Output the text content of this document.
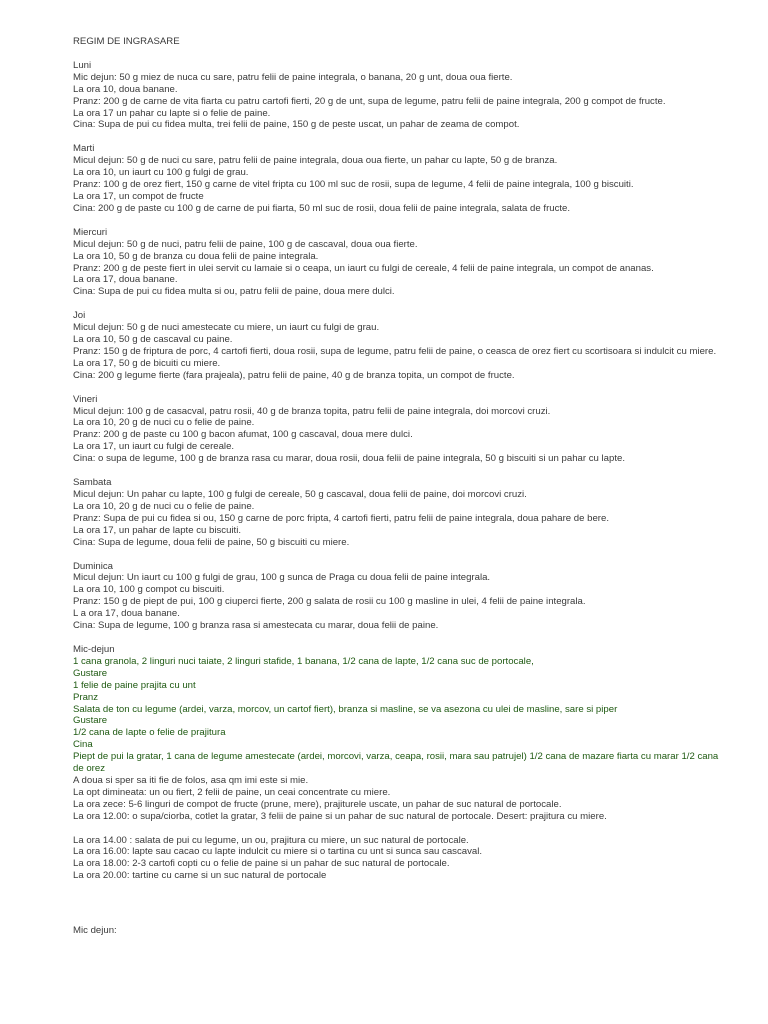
REGIM DE INGRASARE
Luni
Mic dejun: 50 g miez de nuca cu sare, patru felii de paine integrala, o banana, 20 g unt, doua oua fierte.
La ora 10, doua banane.
Pranz: 200 g de carne de vita fiarta cu patru cartofi fierti, 20 g de unt, supa de legume, patru felii de paine integrala, 200 g compot de fructe.
La ora 17 un pahar cu lapte si o felie de paine.
Cina: Supa de pui cu fidea multa, trei felii de paine, 150 g de peste uscat, un pahar de zeama de compot.
Marti
Micul dejun: 50 g de nuci cu sare, patru felii de paine integrala, doua oua fierte, un pahar cu lapte, 50 g de branza.
La ora 10, un iaurt cu 100 g fulgi de grau.
Pranz: 100 g de orez fiert, 150 g carne de vitel fripta cu 100 ml suc de rosii, supa de legume, 4 felii de paine integrala, 100 g biscuiti.
La ora 17, un compot de fructe
Cina: 200 g de paste cu 100 g de carne de pui fiarta, 50 ml suc de rosii, doua felii de paine integrala, salata de fructe.
Miercuri
Micul dejun: 50 g de nuci, patru felii de paine, 100 g de cascaval, doua oua fierte.
La ora 10, 50 g de branza cu doua felii de paine integrala.
Pranz: 200 g de peste fiert in ulei servit cu lamaie si o ceapa, un iaurt cu fulgi de cereale, 4 felii de paine integrala, un compot de ananas.
La ora 17, doua banane.
Cina: Supa de pui cu fidea multa si ou, patru felii de paine, doua mere dulci.
Joi
Micul dejun: 50 g de nuci amestecate cu miere, un iaurt cu fulgi de grau.
La ora 10, 50 g de cascaval cu paine.
Pranz: 150 g de friptura de porc, 4 cartofi fierti, doua rosii, supa de legume, patru felii de paine, o ceasca de orez fiert cu scortisoara si indulcit cu miere.
La ora 17, 50 g de bicuiti cu miere.
Cina: 200 g legume fierte (fara prajeala), patru felii de paine, 40 g de branza topita, un compot de fructe.
Vineri
Micul dejun: 100 g de casacval, patru rosii, 40 g de branza topita, patru felii de paine integrala, doi morcovi cruzi.
La ora 10, 20 g de nuci cu o felie de paine.
Pranz: 200 g de paste cu 100 g bacon afumat, 100 g cascaval, doua mere dulci.
La ora 17, un iaurt cu fulgi de cereale.
Cina: o supa de legume, 100 g de branza rasa cu marar, doua rosii, doua felii de paine integrala, 50 g biscuiti si un pahar cu lapte.
Sambata
Micul dejun: Un pahar cu lapte, 100 g fulgi de cereale, 50 g cascaval, doua felii de paine, doi morcovi cruzi.
La ora 10, 20 g de nuci cu o felie de paine.
Pranz: Supa de pui cu fidea si ou, 150 g carne de porc fripta, 4 cartofi fierti, patru felii de paine integrala, doua pahare de bere.
La ora 17, un pahar de lapte cu biscuiti.
Cina: Supa de legume, doua felii de paine, 50 g biscuiti cu miere.
Duminica
Micul dejun: Un iaurt cu 100 g fulgi de grau, 100 g sunca de Praga cu doua felii de paine integrala.
La ora 10, 100 g compot cu biscuiti.
Pranz: 150 g de piept de pui, 100 g ciuperci fierte, 200 g salata de rosii cu 100 g masline in ulei, 4 felii de paine integrala.
L a ora 17, doua banane.
Cina: Supa de legume, 100 g branza rasa si amestecata cu marar, doua felii de paine.
Mic-dejun
1 cana granola, 2 linguri nuci taiate, 2 linguri stafide, 1 banana, 1/2 cana de lapte, 1/2 cana suc de portocale,
Gustare
1 felie de paine prajita cu unt
Pranz
Salata de ton cu legume (ardei, varza, morcov, un cartof fiert), branza si masline, se va asezona cu ulei de masline, sare si piper
Gustare
1/2 cana de lapte o felie de prajitura
Cina
Piept de pui la gratar, 1 cana de legume amestecate (ardei, morcovi, varza, ceapa, rosii, mara sau patrujel) 1/2 cana de mazare fiarta cu marar 1/2 cana de orez
A doua si sper sa iti fie de folos, asa qm imi este si mie.
La opt dimineata: un ou fiert, 2 felii de paine, un ceai concentrate cu miere.
La ora zece: 5-6 linguri de compot de fructe (prune, mere), prajiturele uscate, un pahar de suc natural de portocale.
La ora 12.00: o supa/ciorba, cotlet la gratar, 3 felii de paine si un pahar de suc natural de portocale. Desert: prajitura cu miere.
La ora 14.00 : salata de pui cu legume, un ou, prajitura cu miere, un suc natural de portocale.
La ora 16.00: lapte sau cacao cu lapte indulcit cu miere si o tartina cu unt si sunca sau cascaval.
La ora 18.00: 2-3 cartofi copti cu o felie de paine si un pahar de suc natural de portocale.
La ora 20.00: tartine cu carne si un suc natural de portocale
Mic dejun:
